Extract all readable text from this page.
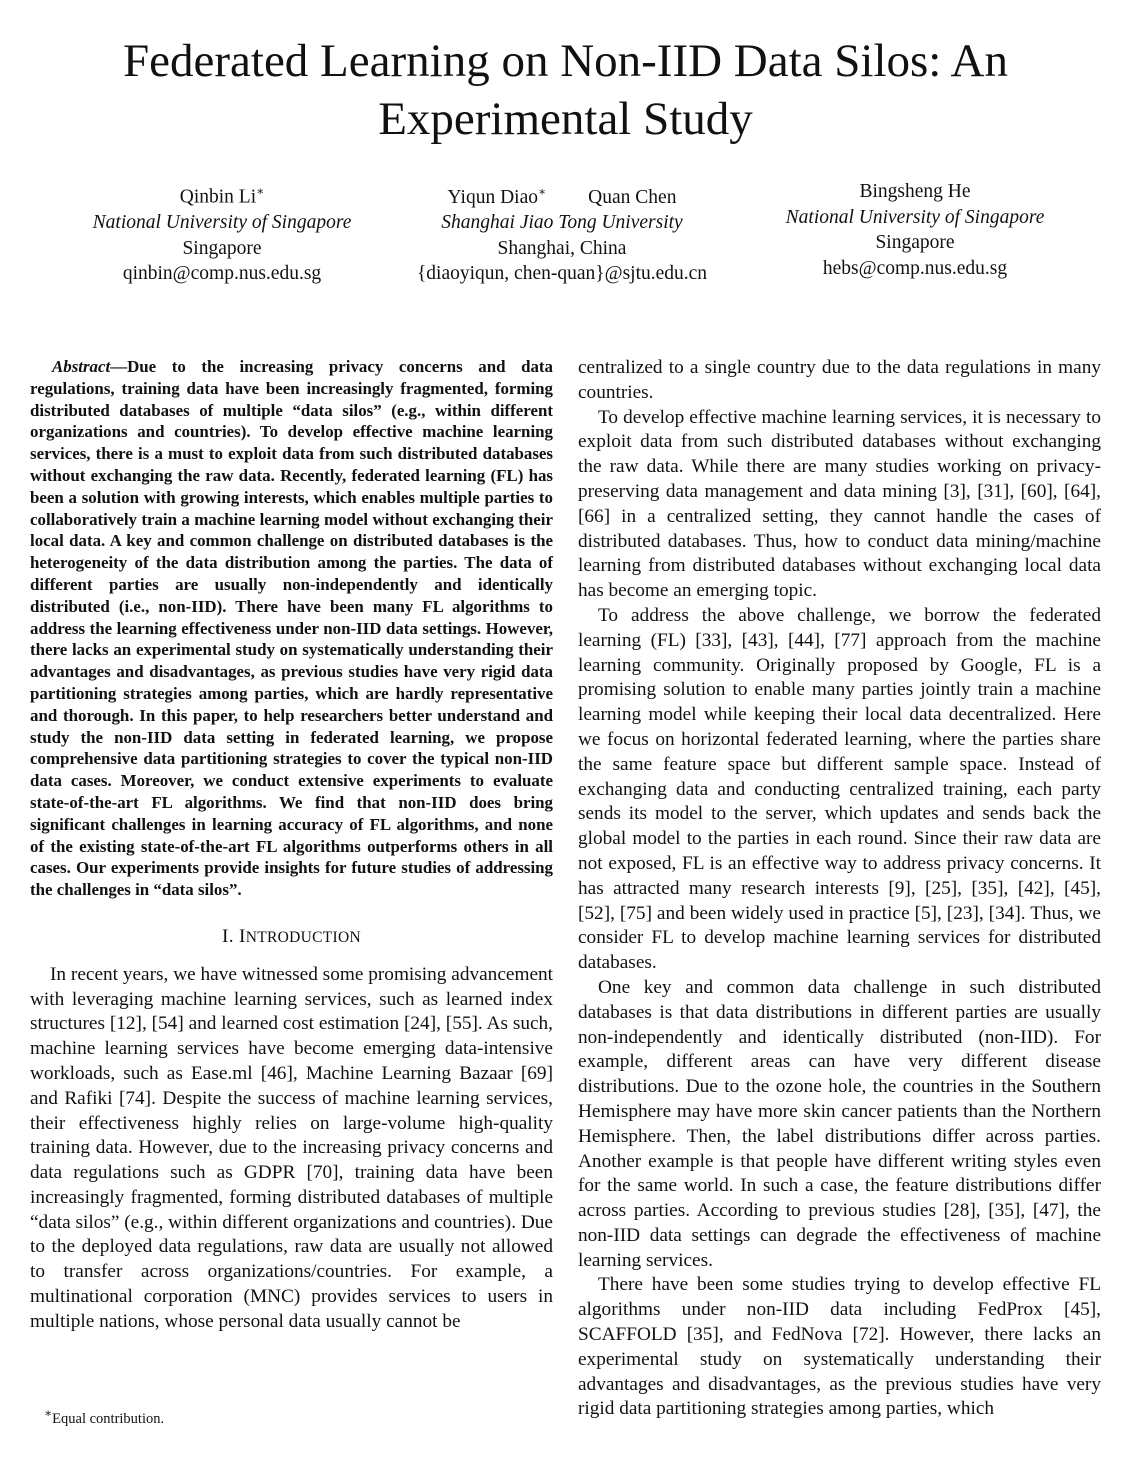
Federated Learning on Non-IID Data Silos: An Experimental Study
Qinbin Li∗
National University of Singapore
Singapore
qinbin@comp.nus.edu.sg
Yiqun Diao∗ Quan Chen
Shanghai Jiao Tong University
Shanghai, China
{diaoyiqun, chen-quan}@sjtu.edu.cn
Bingsheng He
National University of Singapore
Singapore
hebs@comp.nus.edu.sg

Abstract—Due to the increasing privacy concerns and data regulations, training data have been increasingly fragmented, forming distributed databases of multiple “data silos” (e.g., within different organizations and countries). To develop effective machine learning services, there is a must to exploit data from such distributed databases without exchanging the raw data. Recently, federated learning (FL) has been a solution with growing interests, which enables multiple parties to collaboratively train a machine learning model without exchanging their local data. A key and common challenge on distributed databases is the heterogeneity of the data distribution among the parties. The data of different parties are usually non-independently and identically distributed (i.e., non-IID). There have been many FL algorithms to address the learning effectiveness under non-IID data settings. However, there lacks an experimental study on systematically understanding their advantages and disadvantages, as previous studies have very rigid data partitioning strategies among parties, which are hardly representative and thorough. In this paper, to help researchers better understand and study the non-IID data setting in federated learning, we propose comprehensive data partitioning strategies to cover the typical non-IID data cases. Moreover, we conduct extensive experiments to evaluate state-of-the-art FL algorithms. We find that non-IID does bring significant challenges in learning accuracy of FL algorithms, and none of the existing state-of-the-art FL algorithms outperforms others in all cases. Our experiments provide insights for future studies of addressing the challenges in “data silos”.

I. INTRODUCTION

In recent years, we have witnessed some promising advancement with leveraging machine learning services, such as learned index structures [12], [54] and learned cost estimation [24], [55]. As such, machine learning services have become emerging data-intensive workloads, such as Ease.ml [46], Machine Learning Bazaar [69] and Rafiki [74]. Despite the success of machine learning services, their effectiveness highly relies on large-volume high-quality training data. However, due to the increasing privacy concerns and data regulations such as GDPR [70], training data have been increasingly fragmented, forming distributed databases of multiple “data silos” (e.g., within different organizations and countries). Due to the deployed data regulations, raw data are usually not allowed to transfer across organizations/countries. For example, a multinational corporation (MNC) provides services to users in multiple nations, whose personal data usually cannot be

centralized to a single country due to the data regulations in many countries.

To develop effective machine learning services, it is necessary to exploit data from such distributed databases without exchanging the raw data. While there are many studies working on privacy-preserving data management and data mining [3], [31], [60], [64], [66] in a centralized setting, they cannot handle the cases of distributed databases. Thus, how to conduct data mining/machine learning from distributed databases without exchanging local data has become an emerging topic.

To address the above challenge, we borrow the federated learning (FL) [33], [43], [44], [77] approach from the machine learning community. Originally proposed by Google, FL is a promising solution to enable many parties jointly train a machine learning model while keeping their local data decentralized. Here we focus on horizontal federated learning, where the parties share the same feature space but different sample space. Instead of exchanging data and conducting centralized training, each party sends its model to the server, which updates and sends back the global model to the parties in each round. Since their raw data are not exposed, FL is an effective way to address privacy concerns. It has attracted many research interests [9], [25], [35], [42], [45], [52], [75] and been widely used in practice [5], [23], [34]. Thus, we consider FL to develop machine learning services for distributed databases.

One key and common data challenge in such distributed databases is that data distributions in different parties are usually non-independently and identically distributed (non-IID). For example, different areas can have very different disease distributions. Due to the ozone hole, the countries in the Southern Hemisphere may have more skin cancer patients than the Northern Hemisphere. Then, the label distributions differ across parties. Another example is that people have different writing styles even for the same world. In such a case, the feature distributions differ across parties. According to previous studies [28], [35], [47], the non-IID data settings can degrade the effectiveness of machine learning services.

There have been some studies trying to develop effective FL algorithms under non-IID data including FedProx [45], SCAFFOLD [35], and FedNova [72]. However, there lacks an experimental study on systematically understanding their advantages and disadvantages, as the previous studies have very rigid data partitioning strategies among parties, which

∗Equal contribution.
